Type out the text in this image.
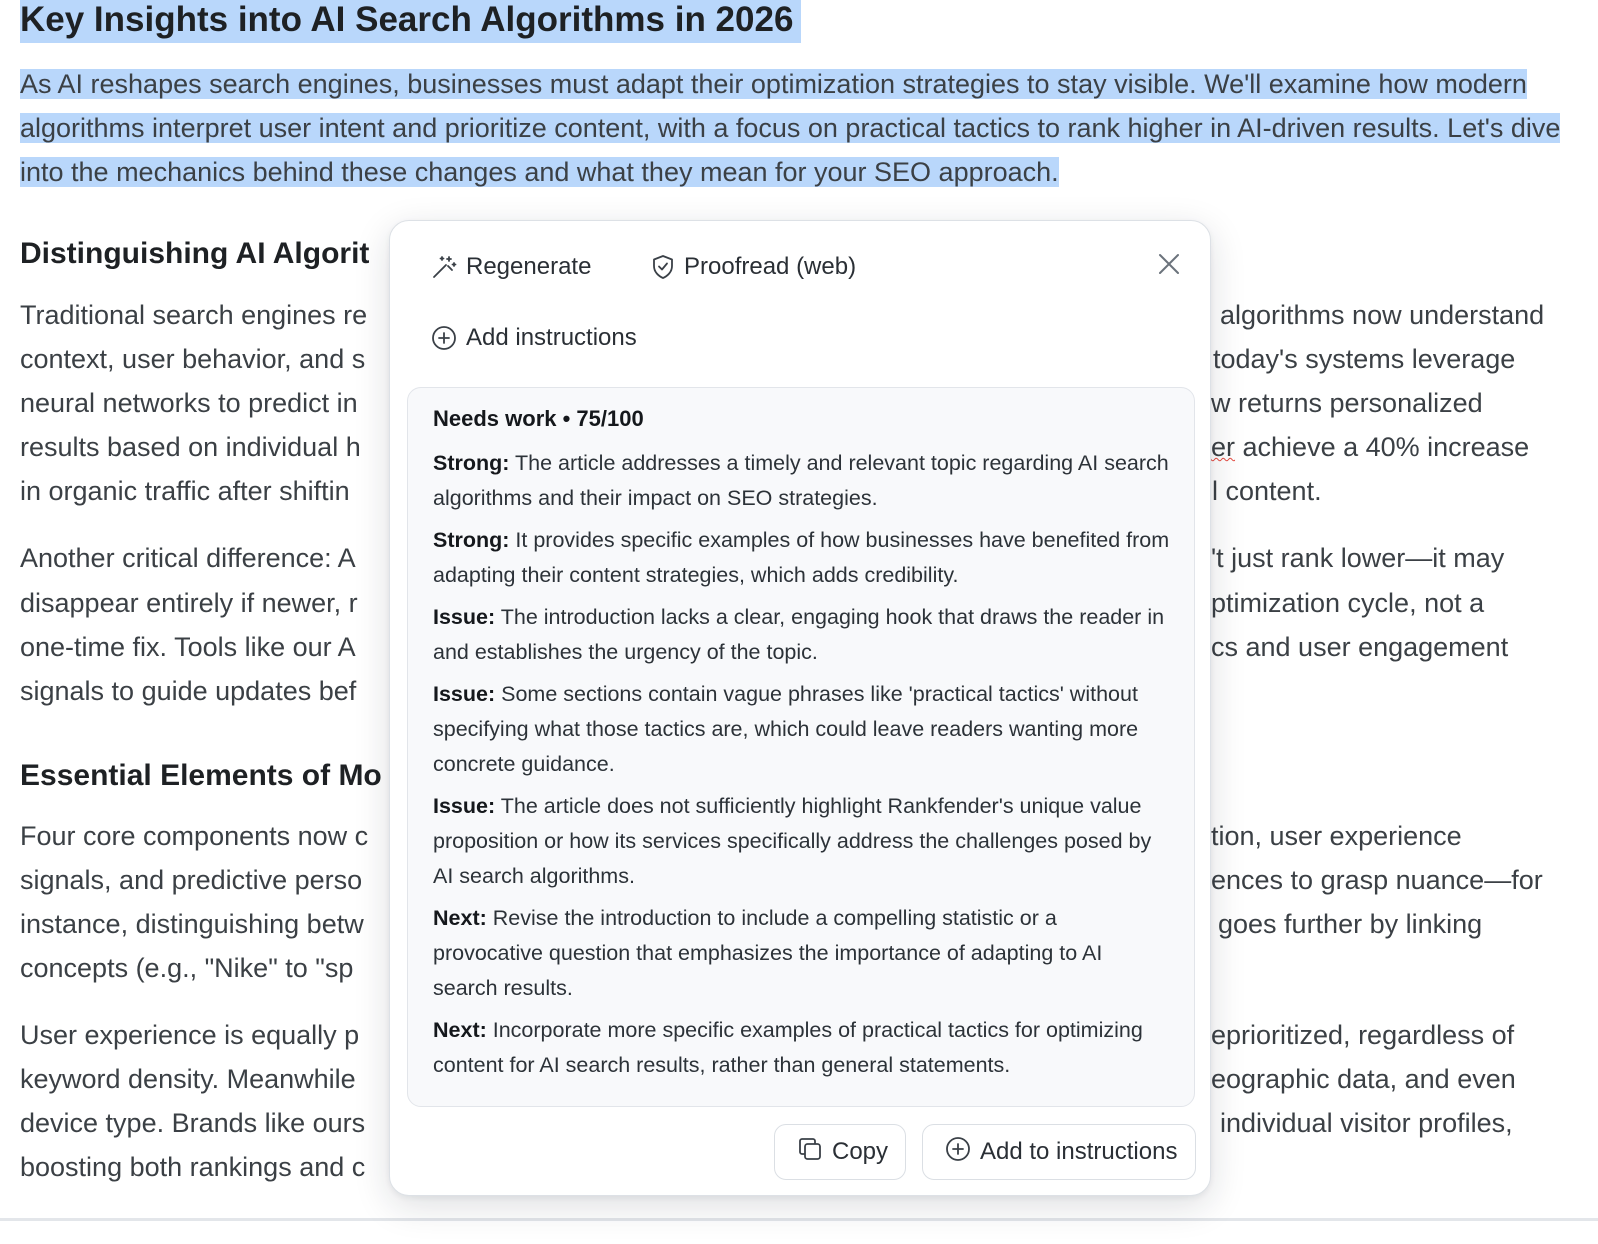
Key Insights into AI Search Algorithms in 2026

As AI reshapes search engines, businesses must adapt their optimization strategies to stay visible. We'll examine how modern algorithms interpret user intent and prioritize content, with a focus on practical tactics to rank higher in AI-driven results. Let's dive into the mechanics behind these changes and what they mean for your SEO approach.

Distinguishing AI Algorit
Traditional search engines re
context, user behavior, and s
neural networks to predict in
results based on individual h
in organic traffic after shiftin
algorithms now understand
today's systems leverage
w returns personalized
er achieve a 40% increase
l content.
Another critical difference: A
disappear entirely if newer, r
one-time fix. Tools like our A
signals to guide updates bef
't just rank lower—it may
ptimization cycle, not a
cs and user engagement
Essential Elements of Mo
Four core components now c
signals, and predictive perso
instance, distinguishing betw
concepts (e.g., "Nike" to "sp
tion, user experience
ences to grasp nuance—for
goes further by linking
User experience is equally p
keyword density. Meanwhile
device type. Brands like ours
boosting both rankings and c
eprioritized, regardless of
eographic data, and even
individual visitor profiles,
Regenerate	Proofread (web)
Add instructions
Needs work • 75/100
Strong: The article addresses a timely and relevant topic regarding AI search algorithms and their impact on SEO strategies.
Strong: It provides specific examples of how businesses have benefited from adapting their content strategies, which adds credibility.
Issue: The introduction lacks a clear, engaging hook that draws the reader in and establishes the urgency of the topic.
Issue: Some sections contain vague phrases like 'practical tactics' without specifying what those tactics are, which could leave readers wanting more concrete guidance.
Issue: The article does not sufficiently highlight Rankfender's unique value proposition or how its services specifically address the challenges posed by AI search algorithms.
Next: Revise the introduction to include a compelling statistic or a provocative question that emphasizes the importance of adapting to AI search results.
Next: Incorporate more specific examples of practical tactics for optimizing content for AI search results, rather than general statements.
Copy	Add to instructions
